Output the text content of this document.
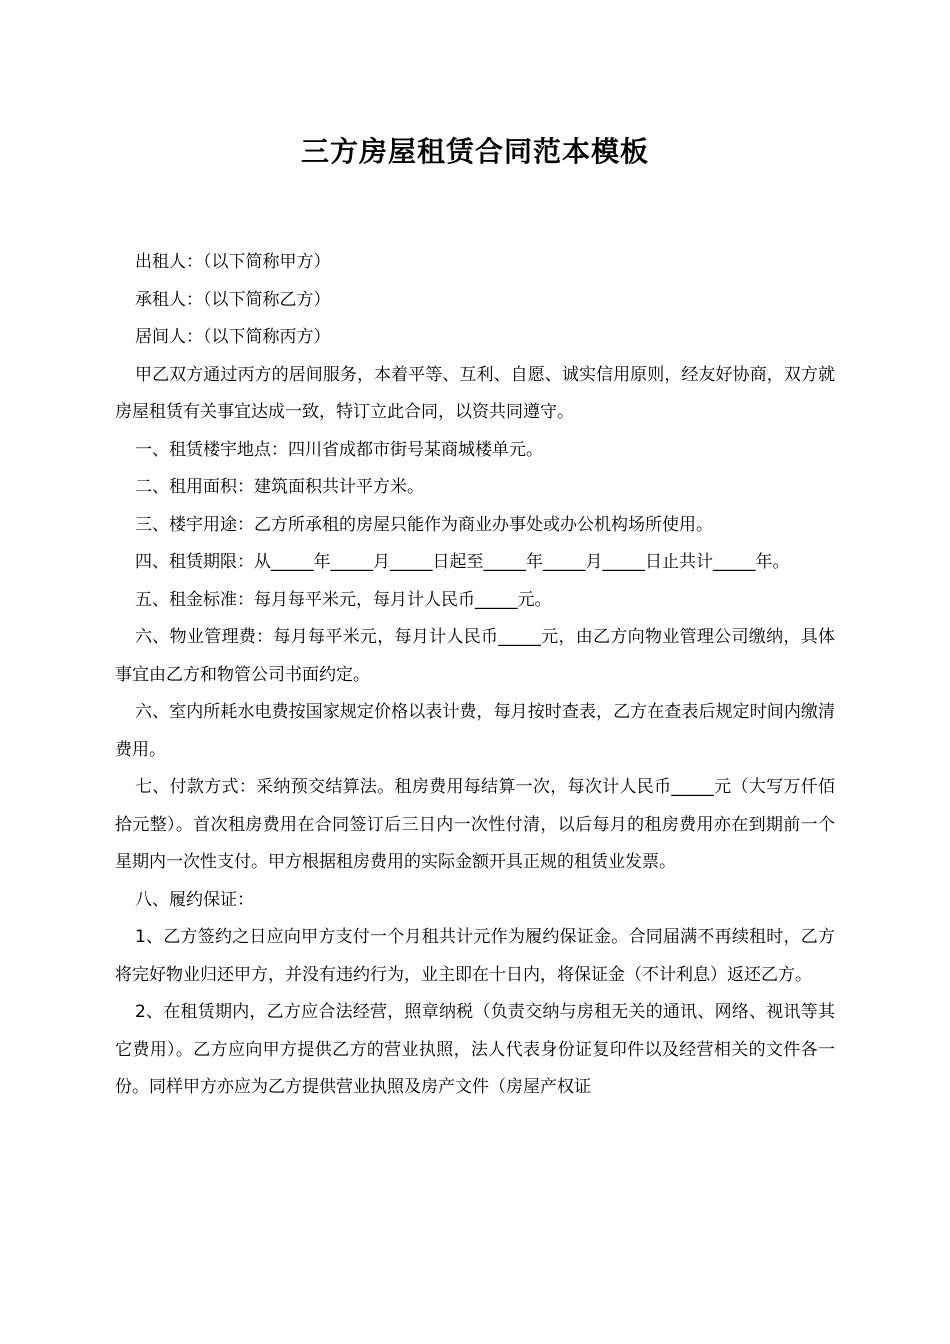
三方房屋租赁合同范本模板

出租人：（以下简称甲方）

承租人：（以下简称乙方）

居间人：（以下简称丙方）

甲乙双方通过丙方的居间服务，本着平等、互利、自愿、诚实信用原则，经友好协商，双方就房屋租赁有关事宜达成一致，特订立此合同，以资共同遵守。

一、租赁楼宇地点：四川省成都市街号某商城楼单元。

二、租用面积：建筑面积共计平方米。

三、楼宇用途：乙方所承租的房屋只能作为商业办事处或办公机构场所使用。

四、租赁期限：从_____年_____月_____日起至_____年_____月_____日止共计_____年。

五、租金标准：每月每平米元，每月计人民币_____元。

六、物业管理费：每月每平米元，每月计人民币_____元，由乙方向物业管理公司缴纳，具体事宜由乙方和物管公司书面约定。

六、室内所耗水电费按国家规定价格以表计费，每月按时查表，乙方在查表后规定时间内缴清费用。

七、付款方式：采纳预交结算法。租房费用每结算一次，每次计人民币_____元（大写万仟佰拾元整）。首次租房费用在合同签订后三日内一次性付清，以后每月的租房费用亦在到期前一个星期内一次性支付。甲方根据租房费用的实际金额开具正规的租赁业发票。

八、履约保证：

1、乙方签约之日应向甲方支付一个月租共计元作为履约保证金。合同届满不再续租时，乙方将完好物业归还甲方，并没有违约行为，业主即在十日内，将保证金（不计利息）返还乙方。

2、在租赁期内，乙方应合法经营，照章纳税（负责交纳与房租无关的通讯、网络、视讯等其它费用）。乙方应向甲方提供乙方的营业执照，法人代表身份证复印件以及经营相关的文件各一份。同样甲方亦应为乙方提供营业执照及房产文件（房屋产权证
